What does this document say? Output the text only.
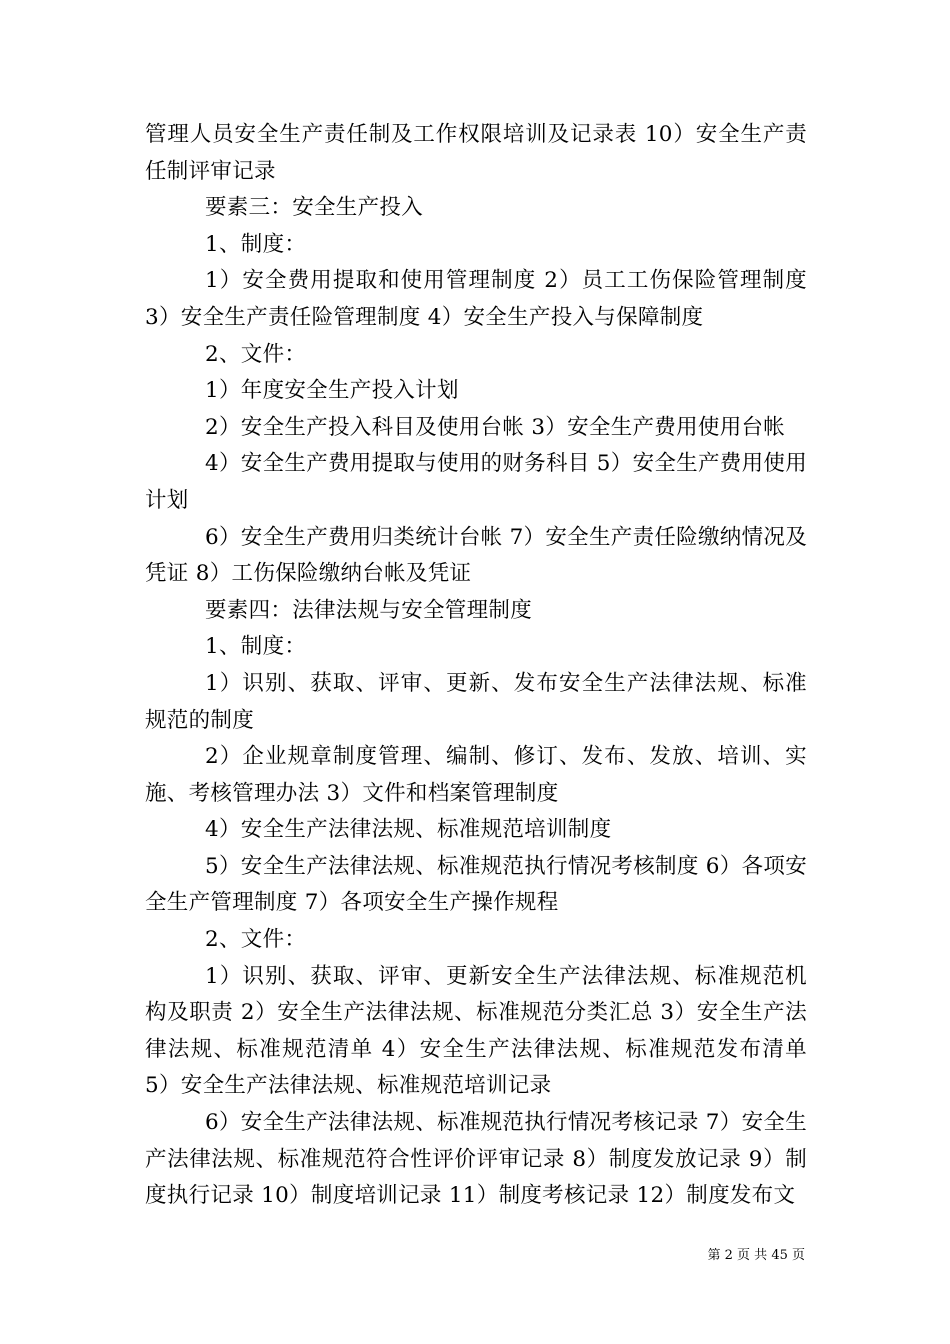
管理人员安全生产责任制及工作权限培训及记录表 10）安全生产责任制评审记录

要素三：安全生产投入

1、制度：

1）安全费用提取和使用管理制度 2）员工工伤保险管理制度 3）安全生产责任险管理制度 4）安全生产投入与保障制度

2、文件：

1）年度安全生产投入计划

2）安全生产投入科目及使用台帐 3）安全生产费用使用台帐

4）安全生产费用提取与使用的财务科目 5）安全生产费用使用计划

6）安全生产费用归类统计台帐 7）安全生产责任险缴纳情况及凭证 8）工伤保险缴纳台帐及凭证

要素四：法律法规与安全管理制度

1、制度：

1）识别、获取、评审、更新、发布安全生产法律法规、标准规范的制度

2）企业规章制度管理、编制、修订、发布、发放、培训、实施、考核管理办法 3）文件和档案管理制度

4）安全生产法律法规、标准规范培训制度

5）安全生产法律法规、标准规范执行情况考核制度 6）各项安全生产管理制度 7）各项安全生产操作规程

2、文件：

1）识别、获取、评审、更新安全生产法律法规、标准规范机构及职责 2）安全生产法律法规、标准规范分类汇总 3）安全生产法律法规、标准规范清单 4）安全生产法律法规、标准规范发布清单 5）安全生产法律法规、标准规范培训记录

6）安全生产法律法规、标准规范执行情况考核记录 7）安全生产法律法规、标准规范符合性评价评审记录 8）制度发放记录 9）制度执行记录 10）制度培训记录 11）制度考核记录 12）制度发布文

第 2 页 共 45 页
